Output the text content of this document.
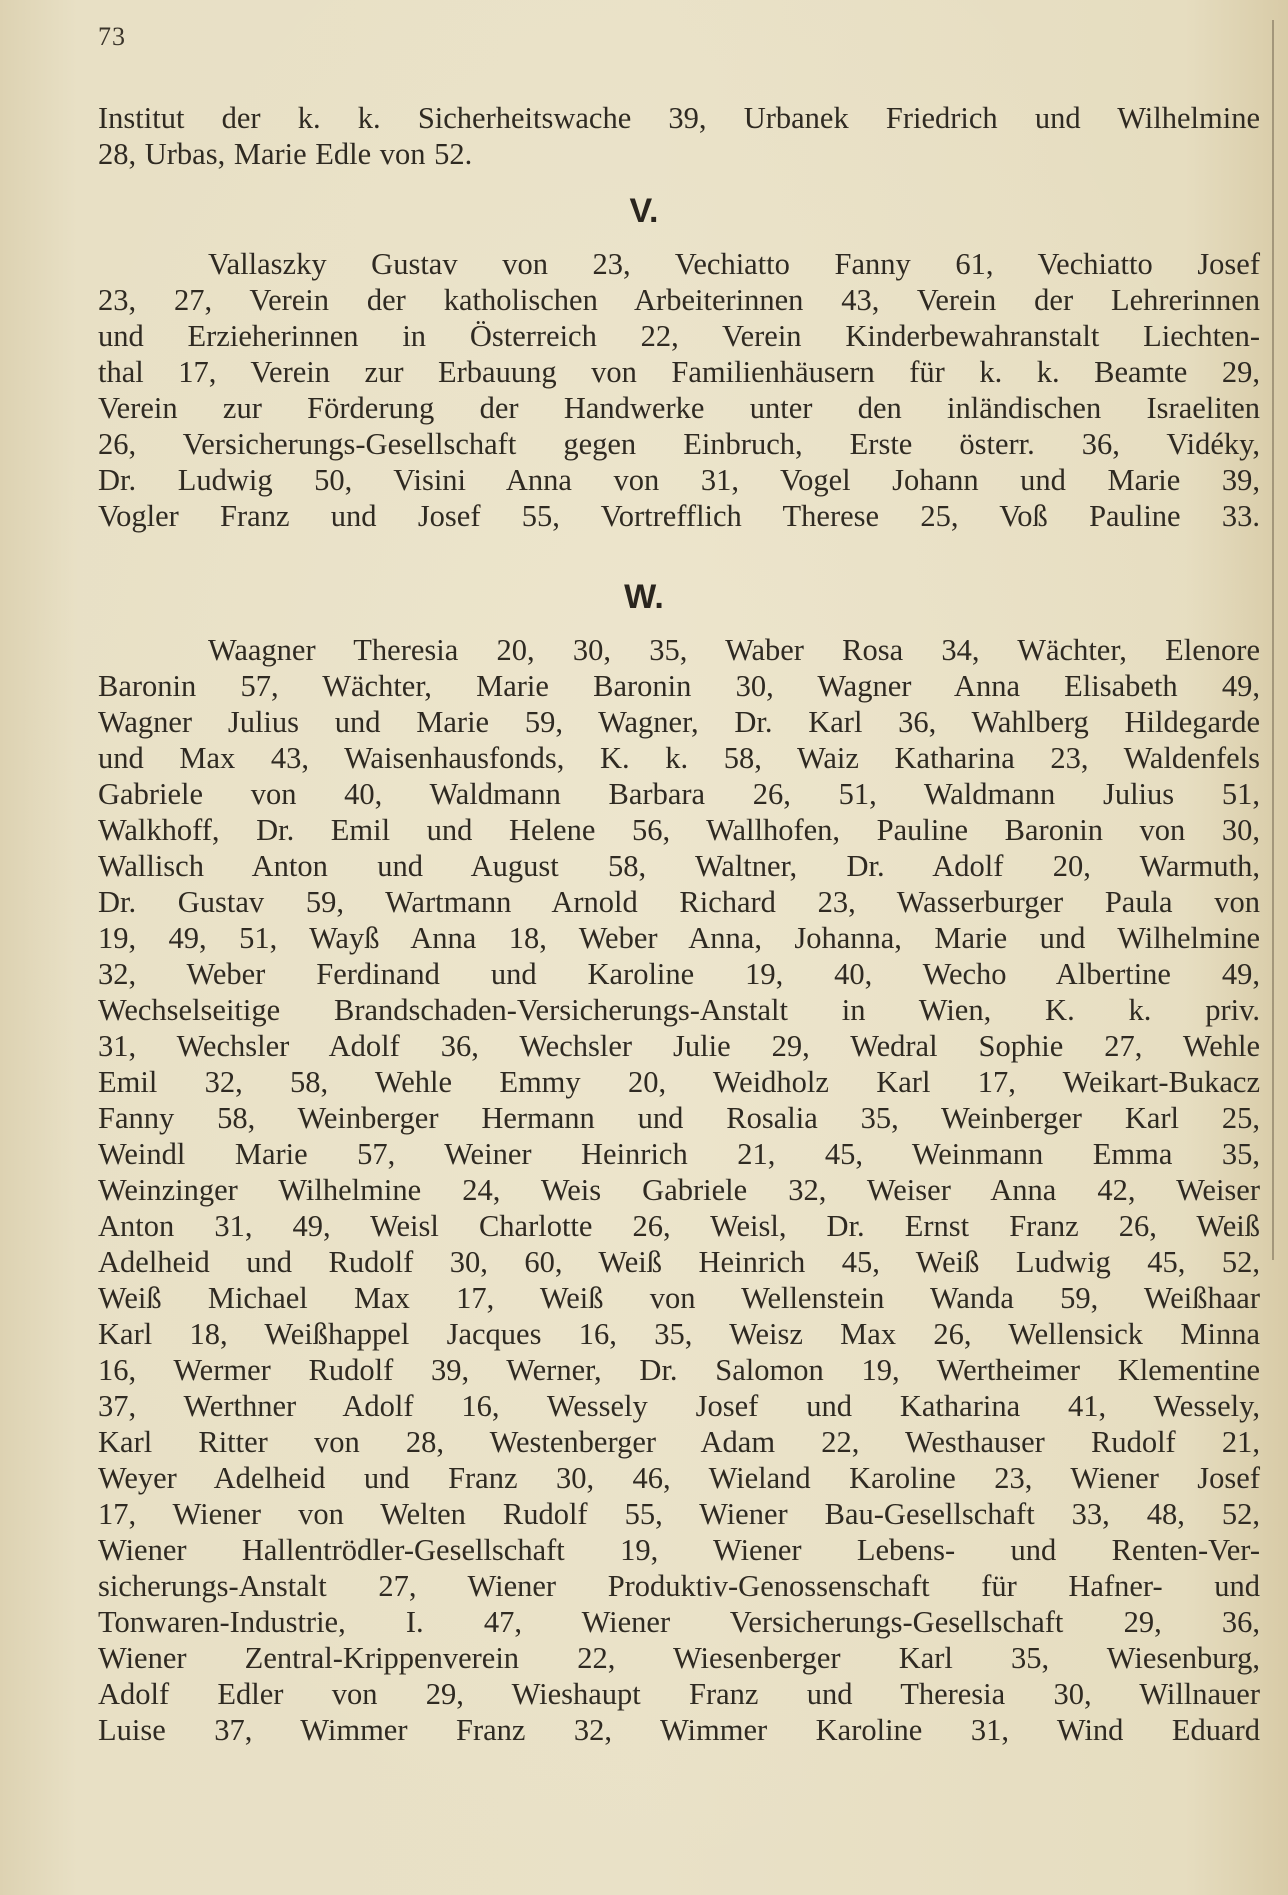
73
Institut der k. k. Sicherheitswache 39, Urbanek Friedrich und Wilhelmine
28, Urbas, Marie Edle von 52.
V.
Vallaszky Gustav von 23, Vechiatto Fanny 61, Vechiatto Josef
23, 27, Verein der katholischen Arbeiterinnen 43, Verein der Lehrerinnen
und Erzieherinnen in Österreich 22, Verein Kinderbewahranstalt Liechten-
thal 17, Verein zur Erbauung von Familienhäusern für k. k. Beamte 29,
Verein zur Förderung der Handwerke unter den inländischen Israeliten
26, Versicherungs-Gesellschaft gegen Einbruch, Erste österr. 36, Vidéky,
Dr. Ludwig 50, Visini Anna von 31, Vogel Johann und Marie 39,
Vogler Franz und Josef 55, Vortrefflich Therese 25, Voß Pauline 33.
W.
Waagner Theresia 20, 30, 35, Waber Rosa 34, Wächter, Elenore
Baronin 57, Wächter, Marie Baronin 30, Wagner Anna Elisabeth 49,
Wagner Julius und Marie 59, Wagner, Dr. Karl 36, Wahlberg Hildegarde
und Max 43, Waisenhausfonds, K. k. 58, Waiz Katharina 23, Waldenfels
Gabriele von 40, Waldmann Barbara 26, 51, Waldmann Julius 51,
Walkhoff, Dr. Emil und Helene 56, Wallhofen, Pauline Baronin von 30,
Wallisch Anton und August 58, Waltner, Dr. Adolf 20, Warmuth,
Dr. Gustav 59, Wartmann Arnold Richard 23, Wasserburger Paula von
19, 49, 51, Wayß Anna 18, Weber Anna, Johanna, Marie und Wilhelmine
32, Weber Ferdinand und Karoline 19, 40, Wecho Albertine 49,
Wechselseitige Brandschaden-Versicherungs-Anstalt in Wien, K. k. priv.
31, Wechsler Adolf 36, Wechsler Julie 29, Wedral Sophie 27, Wehle
Emil 32, 58, Wehle Emmy 20, Weidholz Karl 17, Weikart-Bukacz
Fanny 58, Weinberger Hermann und Rosalia 35, Weinberger Karl 25,
Weindl Marie 57, Weiner Heinrich 21, 45, Weinmann Emma 35,
Weinzinger Wilhelmine 24, Weis Gabriele 32, Weiser Anna 42, Weiser
Anton 31, 49, Weisl Charlotte 26, Weisl, Dr. Ernst Franz 26, Weiß
Adelheid und Rudolf 30, 60, Weiß Heinrich 45, Weiß Ludwig 45, 52,
Weiß Michael Max 17, Weiß von Wellenstein Wanda 59, Weißhaar
Karl 18, Weißhappel Jacques 16, 35, Weisz Max 26, Wellensick Minna
16, Wermer Rudolf 39, Werner, Dr. Salomon 19, Wertheimer Klementine
37, Werthner Adolf 16, Wessely Josef und Katharina 41, Wessely,
Karl Ritter von 28, Westenberger Adam 22, Westhauser Rudolf 21,
Weyer Adelheid und Franz 30, 46, Wieland Karoline 23, Wiener Josef
17, Wiener von Welten Rudolf 55, Wiener Bau-Gesellschaft 33, 48, 52,
Wiener Hallentrödler-Gesellschaft 19, Wiener Lebens- und Renten-Ver-
sicherungs-Anstalt 27, Wiener Produktiv-Genossenschaft für Hafner- und
Tonwaren-Industrie, I. 47, Wiener Versicherungs-Gesellschaft 29, 36,
Wiener Zentral-Krippenverein 22, Wiesenberger Karl 35, Wiesenburg,
Adolf Edler von 29, Wieshaupt Franz und Theresia 30, Willnauer
Luise 37, Wimmer Franz 32, Wimmer Karoline 31, Wind Eduard
